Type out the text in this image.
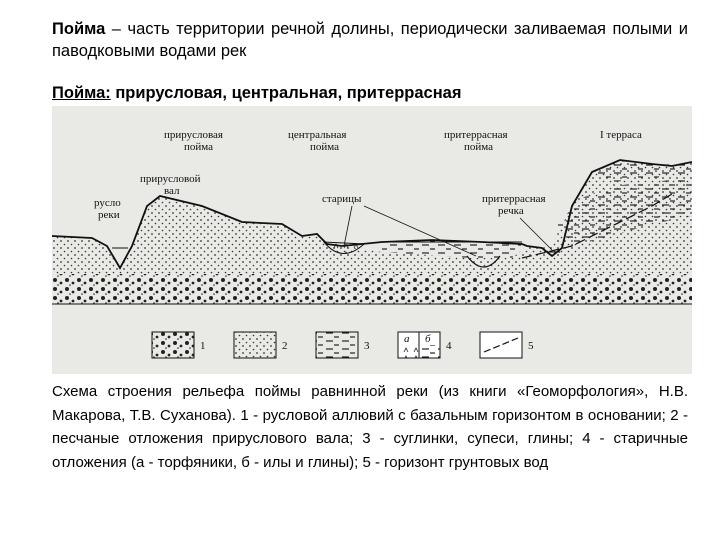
Пойма – часть территории речной долины, периодически заливаемая полыми и паводковыми водами рек
Пойма: прирусловая, центральная, притеррасная
прирусловая
пойма
центральная
пойма
притеррасная
пойма
I терраса
прирусловой
вал
русло
реки
старицы	притеррасная
речка
1	2	3
а б
4	5
Схема строения рельефа поймы равнинной реки (из книги «Геоморфология», Н.В. Макарова, Т.В. Суханова). 1 - русловой аллювий с базальным горизонтом в основании; 2 - песчаные отложения прируслового вала; 3 - суглинки, супеси, глины; 4 - старичные отложения (а - торфяники, б - илы и глины); 5 - горизонт грунтовых вод
